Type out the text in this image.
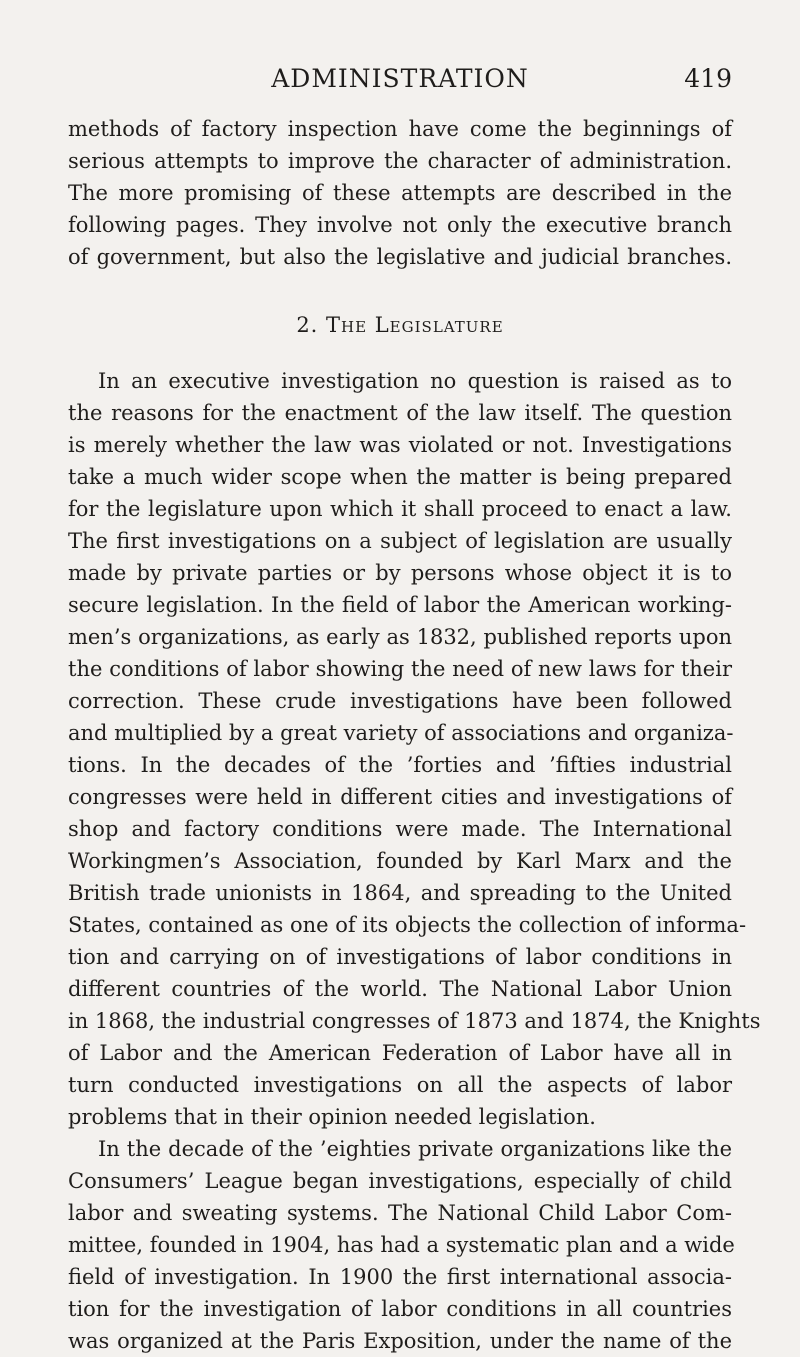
ADMINISTRATION	419
methods of factory inspection have come the beginnings of
serious attempts to improve the character of administration.
The more promising of these attempts are described in the
following pages. They involve not only the executive branch
of government, but also the legislative and judicial branches.
2. The Legislature
In an executive investigation no question is raised as to
the reasons for the enactment of the law itself. The question
is merely whether the law was violated or not. Investigations
take a much wider scope when the matter is being prepared
for the legislature upon which it shall proceed to enact a law.
The first investigations on a subject of legislation are usually
made by private parties or by persons whose object it is to
secure legislation. In the field of labor the American working-
men’s organizations, as early as 1832, published reports upon
the conditions of labor showing the need of new laws for their
correction. These crude investigations have been followed
and multiplied by a great variety of associations and organiza-
tions. In the decades of the ’forties and ’fifties industrial
congresses were held in different cities and investigations of
shop and factory conditions were made. The International
Workingmen’s Association, founded by Karl Marx and the
British trade unionists in 1864, and spreading to the United
States, contained as one of its objects the collection of informa-
tion and carrying on of investigations of labor conditions in
different countries of the world. The National Labor Union
in 1868, the industrial congresses of 1873 and 1874, the Knights
of Labor and the American Federation of Labor have all in
turn conducted investigations on all the aspects of labor
problems that in their opinion needed legislation.
In the decade of the ’eighties private organizations like the
Consumers’ League began investigations, especially of child
labor and sweating systems. The National Child Labor Com-
mittee, founded in 1904, has had a systematic plan and a wide
field of investigation. In 1900 the first international associa-
tion for the investigation of labor conditions in all countries
was organized at the Paris Exposition, under the name of the
